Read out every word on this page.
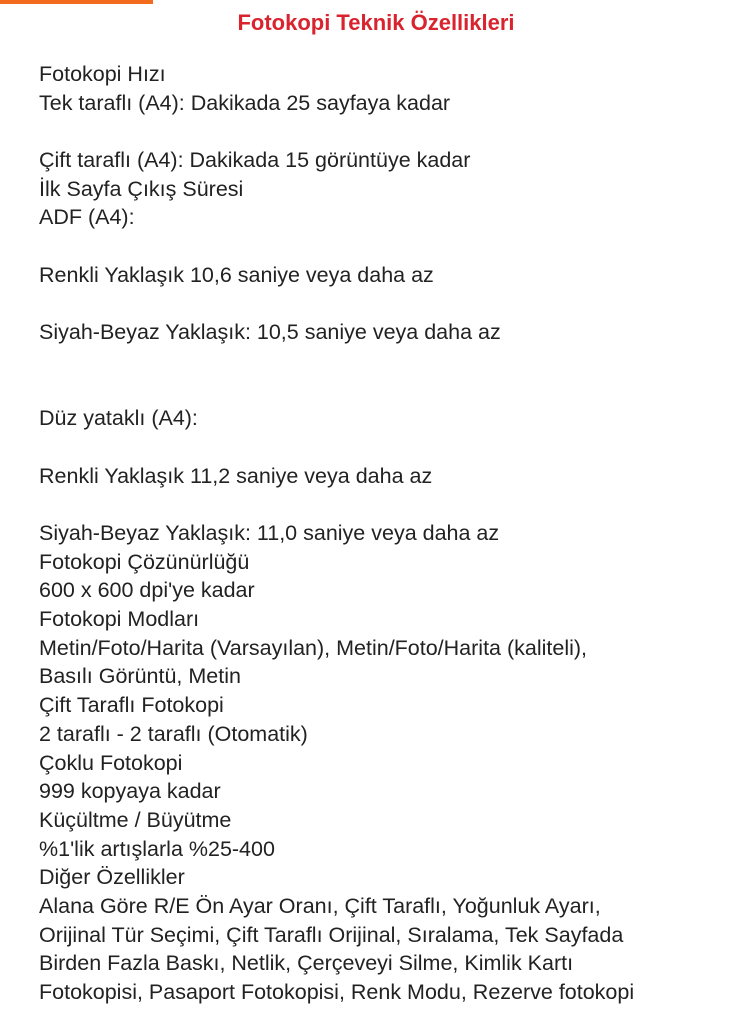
Fotokopi Teknik Özellikleri
Fotokopi Hızı
Tek taraflı (A4): Dakikada 25 sayfaya kadar
Çift taraflı (A4): Dakikada 15 görüntüye kadar
İlk Sayfa Çıkış Süresi
ADF (A4):
Renkli Yaklaşık 10,6 saniye veya daha az
Siyah-Beyaz Yaklaşık: 10,5 saniye veya daha az
Düz yataklı (A4):
Renkli Yaklaşık 11,2 saniye veya daha az
Siyah-Beyaz Yaklaşık: 11,0 saniye veya daha az
Fotokopi Çözünürlüğü
600 x 600 dpi'ye kadar
Fotokopi Modları
Metin/Foto/Harita (Varsayılan), Metin/Foto/Harita (kaliteli),
Basılı Görüntü, Metin
Çift Taraflı Fotokopi
2 taraflı - 2 taraflı (Otomatik)
Çoklu Fotokopi
999 kopyaya kadar
Küçültme / Büyütme
%1'lik artışlarla %25-400
Diğer Özellikler
Alana Göre R/E Ön Ayar Oranı, Çift Taraflı, Yoğunluk Ayarı,
Orijinal Tür Seçimi, Çift Taraflı Orijinal, Sıralama, Tek Sayfada
Birden Fazla Baskı, Netlik, Çerçeveyi Silme, Kimlik Kartı
Fotokopisi, Pasaport Fotokopisi, Renk Modu, Rezerve fotokopi
